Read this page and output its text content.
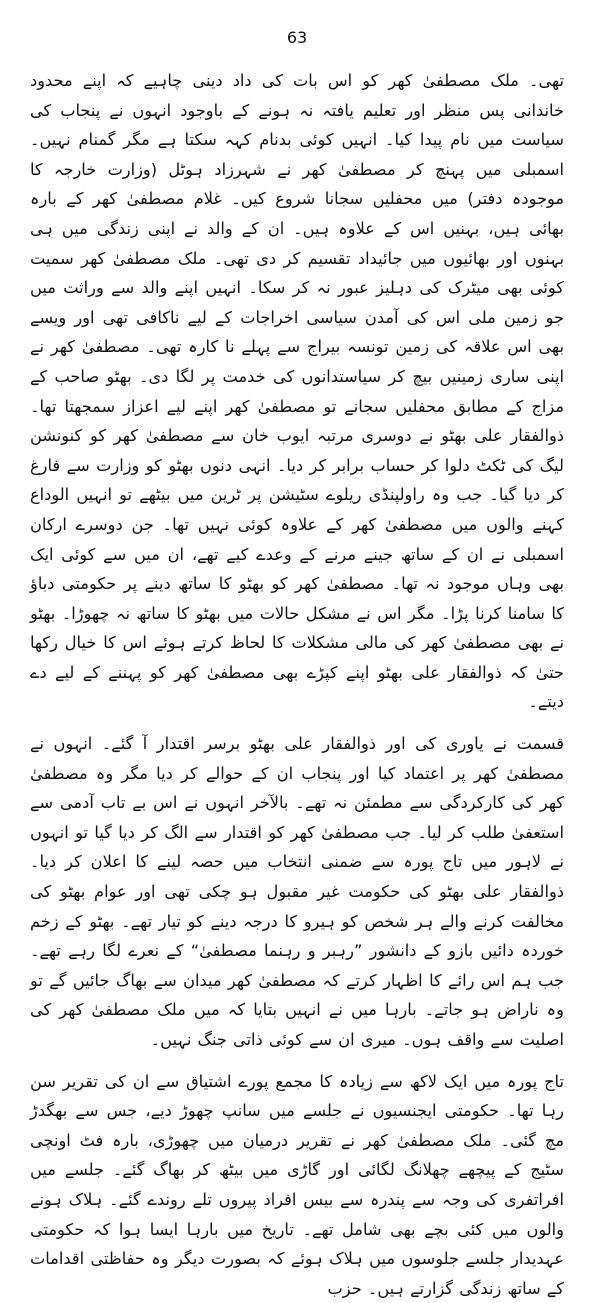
63

تھی۔ ملک مصطفیٰ کھر کو اس بات کی داد دینی چاہیے کہ اپنے محدود خاندانی پس منظر اور تعلیم یافتہ نہ ہونے کے باوجود انہوں نے پنجاب کی سیاست میں نام پیدا کیا۔ انہیں کوئی بدنام کہہ سکتا ہے مگر گمنام نہیں۔ اسمبلی میں پہنچ کر مصطفیٰ کھر نے شہرزاد ہوٹل (وزارت خارجہ کا موجودہ دفتر) میں محفلیں سجانا شروع کیں۔ غلام مصطفیٰ کھر کے بارہ بھائی ہیں، بہنیں اس کے علاوہ ہیں۔ ان کے والد نے اپنی زندگی میں ہی بہنوں اور بھائیوں میں جائیداد تقسیم کر دی تھی۔ ملک مصطفیٰ کھر سمیت کوئی بھی میٹرک کی دہلیز عبور نہ کر سکا۔ انہیں اپنے والد سے وراثت میں جو زمین ملی اس کی آمدن سیاسی اخراجات کے لیے ناکافی تھی اور ویسے بھی اس علاقہ کی زمین تونسہ بیراج سے پہلے نا کارہ تھی۔ مصطفیٰ کھر نے اپنی ساری زمینیں بیچ کر سیاستدانوں کی خدمت پر لگا دی۔ بھٹو صاحب کے مزاج کے مطابق محفلیں سجانے تو مصطفیٰ کھر اپنے لیے اعزاز سمجھتا تھا۔ ذوالفقار علی بھٹو نے دوسری مرتبہ ایوب خان سے مصطفیٰ کھر کو کنونشن لیگ کی ٹکٹ دلوا کر حساب برابر کر دیا۔ انہی دنوں بھٹو کو وزارت سے فارغ کر دیا گیا۔ جب وہ راولپنڈی ریلوے سٹیشن پر ٹرین میں بیٹھے تو انہیں الوداع کہنے والوں میں مصطفیٰ کھر کے علاوہ کوئی نہیں تھا۔ جن دوسرے ارکان اسمبلی نے ان کے ساتھ جینے مرنے کے وعدے کیے تھے، ان میں سے کوئی ایک بھی وہاں موجود نہ تھا۔ مصطفیٰ کھر کو بھٹو کا ساتھ دینے پر حکومتی دباؤ کا سامنا کرنا پڑا۔ مگر اس نے مشکل حالات میں بھٹو کا ساتھ نہ چھوڑا۔ بھٹو نے بھی مصطفیٰ کھر کی مالی مشکلات کا لحاظ کرتے ہوئے اس کا خیال رکھا حتیٰ کہ ذوالفقار علی بھٹو اپنے کپڑے بھی مصطفیٰ کھر کو پہننے کے لیے دے دیتے۔

قسمت نے یاوری کی اور ذوالفقار علی بھٹو برسر اقتدار آ گئے۔ انہوں نے مصطفیٰ کھر پر اعتماد کیا اور پنجاب ان کے حوالے کر دیا مگر وہ مصطفیٰ کھر کی کارکردگی سے مطمئن نہ تھے۔ بالآخر انہوں نے اس بے تاب آدمی سے استعفیٰ طلب کر لیا۔ جب مصطفیٰ کھر کو اقتدار سے الگ کر دیا گیا تو انہوں نے لاہور میں تاج پورہ سے ضمنی انتخاب میں حصہ لینے کا اعلان کر دیا۔ ذوالفقار علی بھٹو کی حکومت غیر مقبول ہو چکی تھی اور عوام بھٹو کی مخالفت کرنے والے ہر شخص کو ہیرو کا درجہ دینے کو تیار تھے۔ بھٹو کے زخم خوردہ دائیں بازو کے دانشور ”رہبر و رہنما مصطفیٰ“ کے نعرے لگا رہے تھے۔ جب ہم اس رائے کا اظہار کرتے کہ مصطفیٰ کھر میدان سے بھاگ جائیں گے تو وہ ناراض ہو جاتے۔ بارہا میں نے انہیں بتایا کہ میں ملک مصطفیٰ کھر کی اصلیت سے واقف ہوں۔ میری ان سے کوئی ذاتی جنگ نہیں۔

تاج پورہ میں ایک لاکھ سے زیادہ کا مجمع پورے اشتیاق سے ان کی تقریر سن رہا تھا۔ حکومتی ایجنسیوں نے جلسے میں سانپ چھوڑ دیے، جس سے بھگدڑ مچ گئی۔ ملک مصطفیٰ کھر نے تقریر درمیان میں چھوڑی، بارہ فٹ اونچی سٹیج کے پیچھے چھلانگ لگائی اور گاڑی میں بیٹھ کر بھاگ گئے۔ جلسے میں افراتفری کی وجہ سے پندرہ سے بیس افراد پیروں تلے روندے گئے۔ ہلاک ہونے والوں میں کئی بچے بھی شامل تھے۔ تاریخ میں بارہا ایسا ہوا کہ حکومتی عہدیدار جلسے جلوسوں میں ہلاک ہوئے کہ بصورت دیگر وہ حفاظتی اقدامات کے ساتھ زندگی گزارتے ہیں۔ حزب
